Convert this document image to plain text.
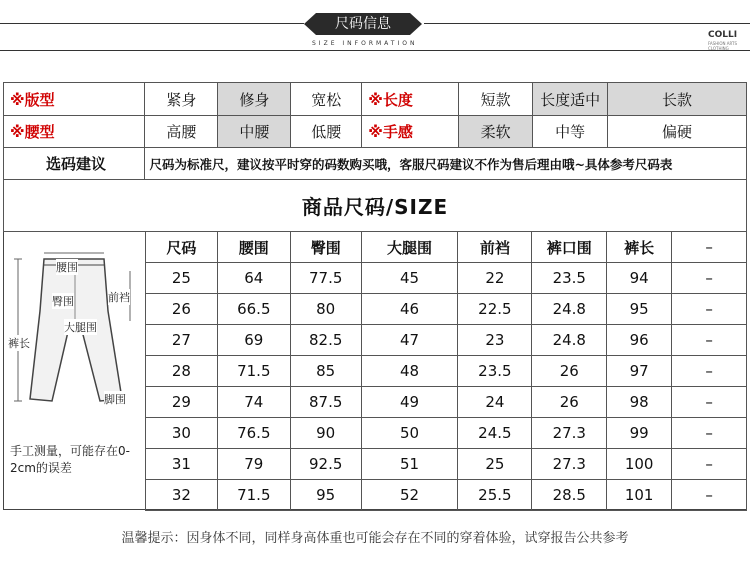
尺码信息
SIZE INFORMATION
COLLI
FASHION ARTS CLOTHING
※版型	紧身	修身	宽松	※长度	短款	长度适中	长款
※腰型	高腰	中腰	低腰	※手感	柔软	中等	偏硬
选码建议	尺码为标准尺，建议按平时穿的码数购买哦，客服尺码建议不作为售后理由哦~具体参考尺码表						
商品尺码/SIZE							
腰围
臀围	前裆
大腿围
裤长
脚围
手工测量，可能存在0-2cm的误差
尺码	腰围	臀围	大腿围	前裆	裤口围	裤长	–
25	64	77.5	45	22	23.5	94	–
26	66.5	80	46	22.5	24.8	95	–
27	69	82.5	47	23	24.8	96	–
28	71.5	85	48	23.5	26	97	–
29	74	87.5	49	24	26	98	–
30	76.5	90	50	24.5	27.3	99	–
31	79	92.5	51	25	27.3	100	–
32	71.5	95	52	25.5	28.5	101	–
温馨提示：因身体不同，同样身高体重也可能会存在不同的穿着体验，试穿报告公共参考
